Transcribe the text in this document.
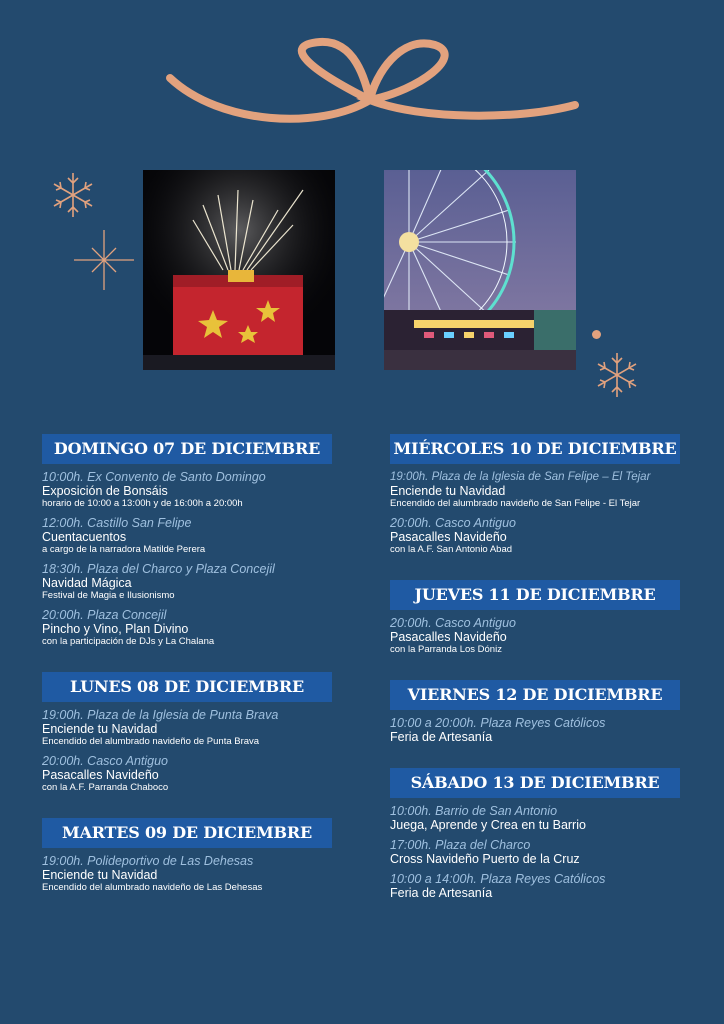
DOMINGO 07 DE DICIEMBRE
10:00h. Ex Convento de Santo Domingo
Exposición de Bonsáis
horario de 10:00 a 13:00h y de 16:00h a 20:00h
12:00h. Castillo San Felipe
Cuentacuentos
a cargo de la narradora Matilde Perera
18:30h. Plaza del Charco y Plaza Concejil
Navidad Mágica
Festival de Magia e Ilusionismo
20:00h. Plaza Concejil
Pincho y Vino, Plan Divino
con la participación de DJs y La Chalana
LUNES 08 DE DICIEMBRE
19:00h. Plaza de la Iglesia de Punta Brava
Enciende tu Navidad
Encendido del alumbrado navideño de Punta Brava
20:00h. Casco Antiguo
Pasacalles Navideño
con la A.F. Parranda Chaboco
MARTES 09 DE DICIEMBRE
19:00h. Polideportivo de Las Dehesas
Enciende tu Navidad
Encendido del alumbrado navideño de Las Dehesas
MIÉRCOLES 10 DE DICIEMBRE
19:00h. Plaza de la Iglesia de San Felipe – El Tejar
Enciende tu Navidad
Encendido del alumbrado navideño de San Felipe - El Tejar
20:00h. Casco Antiguo
Pasacalles Navideño
con la A.F. San Antonio Abad
JUEVES 11 DE DICIEMBRE
20:00h. Casco Antiguo
Pasacalles Navideño
con la Parranda Los Dóniz
VIERNES 12 DE DICIEMBRE
10:00 a 20:00h. Plaza Reyes Católicos
Feria de Artesanía
SÁBADO 13 DE DICIEMBRE
10:00h. Barrio de San Antonio
Juega, Aprende y Crea en tu Barrio
17:00h. Plaza del Charco
Cross Navideño Puerto de la Cruz
10:00 a 14:00h. Plaza Reyes Católicos
Feria de Artesanía
